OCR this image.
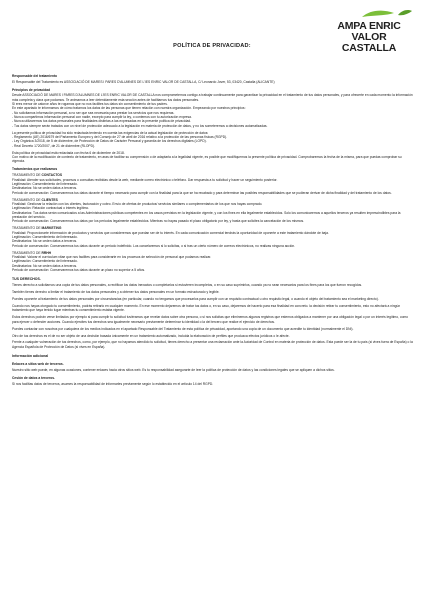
AMPA ENRIC
VALOR CASTALLA
POLÍTICA DE PRIVACIDAD:

Responsable del tratamiento

El Responsable del Tratamiento es ASSOCIACIÓ DE MARES I PARES D'ALUMNES DE L'IES ENRIC VALOR DE CASTALLA, C/ Leonardo Jover, 53, 03420, Castalla (ALICANTE)

Principios de privacidad

Desde ASSOCIACIÓ DE MARES I PARES D'ALUMNES DE L'IES ENRIC VALOR DE CASTALLA nos comprometemos contigo a trabajar continuamente para garantizar la privacidad en el tratamiento de tus datos personales, y para ofrecerte en cada momento la información más completa y clara que podamos. Te animamos a leer detenidamente esta sección antes de facilitarnos tus datos personales.

Si eres menor de catorce años te rogamos que no nos facilites tus datos sin consentimiento de tus padres.

En este apartado te informamos de cómo tratamos los datos de las personas que tienen relación con nuestra organización. Empezando por nuestros principios:

- No solicitamos información personal, a no ser que sea necesaria para prestar los servicios que nos requieras.

- Nunca compartimos información personal con nadie, excepto para cumplir la ley, o contemos con tu autorización expresa.

- Nunca utilizaremos tus datos personales para finalidades distintas a las expresadas en la presente política de privacidad.

- Tus datos siempre serán tratados con un nivel de protección adecuado a la legislación en materia de protección de datos, y no los someteremos a decisiones automatizadas.

La presente política de privacidad ha sido redactada teniendo en cuenta las exigencias de la actual legislación de protección de datos:

- Reglamento (UE) 2016/679 del Parlamento Europeo y del Consejo de 27 de abril de 2016 relativo a la protección de las personas físicas (RGPD).

- Ley Orgánica 3/2018, de 5 de diciembre, de Protección de Datos de Carácter Personal y garantía de los derechos digitales (LOPD).

- Real Decreto 1720/2007, de 21 de diciembre (RLOPD).

Esta política de privacidad está redactada con fecha 6 de diciembre de 2018.

Con motivo de la modificación de contexto de tratamiento, en aras de facilitar su comprensión o de adaptarla a la legalidad vigente, es posible que modifiquemos la presente política de privacidad. Comprobaremos la fecha de la misma, para que puedas comprobar su vigencia.

Tratamientos que realizamos

TRATAMIENTO DE CONTACTOS

Finalidad: Atender sus solicitudes, procesos o consultas recibidas desde la web, mediante correo electrónico o teléfono. Dar respuesta a tu solicitud y hacer un seguimiento posterior.

Legitimación: Consentimiento del interesado.

Destinatarios: No se ceden datos a terceros.

Periodo de conservación: Conservaremos tus datos durante el tiempo necesario para cumplir con la finalidad para la que se ha recabado y para determinar las posibles responsabilidades que se pudieran derivar de dicha finalidad y del tratamiento de los datos.

TRATAMIENTO DE CLIENTES

Finalidad: Gestionar la relación con los clientes, facturación y cobro. Envío de ofertas de productos/ servicios similares o complementarios de los que nos hayas comprado.

Legitimación: Relación contractual o interés legítimo.

Destinatarios: Tus datos serán comunicados a las Administraciones públicas competentes en los casos previstos en la legislación vigente, y con los fines en ella legalmente establecidos. Solo los comunicaremos a aquellos terceros ya resulten imprescindibles para la prestación del servicio.

Periodo de conservación: Conservaremos tus datos por los periodos legalmente establecidos. Mientras no hayas pasado el plazo obligatorio por ley, y hasta que solicites la cancelación de los mismos.

TRATAMIENTO DE MARKETING

Finalidad: Proporcionarte información de productos y servicios que consideremos que puedan ser de tu interés. En cada comunicación comercial tendrás la oportunidad de oponerte a este tratamiento dándote de baja.

Legitimación: Consentimiento del interesado.

Destinatarios: No se ceden datos a terceros.

Periodo de conservación: Conservaremos tus datos durante un periodo indefinido. Los cancelaremos si lo solicitas, o si tras un cierto número de correos electrónicos, no realizas ninguna acción.

TRATAMIENTO DE RRHH

Finalidad: Valorar el currículum vitae que nos facilites para considerarte en los procesos de selección de personal que podamos realizar.

Legitimación: Consentimiento del interesado.

Destinatarios: No se ceden datos a terceros.

Periodo de conservación: Conservaremos tus datos durante un plazo no superior a 5 años.

TUS DERECHOS.

Tienes derecho a solicitarnos una copia de tus datos personales, a rectificar los datos inexactos o completarlos si estuvieren incompletos, o en su caso suprimirlos, cuando ya no sean necesarios para los fines para los que fueron recogidos.

También tienes derecho a limitar el tratamiento de tus datos personales y a obtener tus datos personales en un formato estructurado y legible.

Puedes oponerte al tratamiento de tus datos personales por circunstancias (en particular, cuando no tengamos que procesarlos para cumplir con un requisito contractual u otro requisito legal, o cuando el objeto del tratamiento sea el marketing directo).

Cuando nos hayas otorgado tu consentimiento, podrás retirarlo en cualquier momento. En ese momento dejaremos de tratar tus datos o, en su caso, dejaremos de hacerlo para esa finalidad en concreto. la decisión retirar tu consentimiento, esto no afectará a ningún tratamiento que haya tenido lugar mientras tu consentimiento estaba vigente.

Estos derechos podrán verse limitados por ejemplo si para cumplir tu solicitud tuviéramos que revelar datos sobre otra persona, o si nos solicitas que eliminemos algunos registros que estemos obligados a mantener por una obligación legal o por un interés legítimo, como para ejercer o defender acciones. Cuando ejercites tus derechos sea igualmente necesario previamente determinar tu identidad o la del tercero que realice el ejercicio de derechos.

Puedes contactar con nosotros por cualquiera de los medios indicados en el apartado Responsable del Tratamiento de esta política de privacidad, aportando una copia de un documento que acredite tu identidad (normalmente el DNI).

Otro de tus derechos es el de no ser objeto de una decisión basada únicamente en un tratamiento automatizado, incluida la elaboración de perfiles que produzca efectos jurídicos o le afecte.

Frente a cualquier vulneración de tus derechos, como, por ejemplo, que no hayamos atendido tu solicitud, tienes derecho a presentar una reclamación ante la Autoridad de Control en materia de protección de datos. Esta puede ser la de tu país (si vives fuera de España) o la Agencia Española de Protección de Datos (si vives en España).

Información adicional

Enlaces a sitios web de terceros.

Nuestro sitio web puede, en algunas ocasiones, contener enlaces hacia otros sitios web. Es tu responsabilidad asegurarte de leer la política de protección de datos y las condiciones legales que se apliquen a dichos sitios.

Cesión de datos a terceros.

Si nos facilitas datos de terceros, asumes la responsabilidad de informarles previamente según lo establecido en el artículo 14 del RGPD.
